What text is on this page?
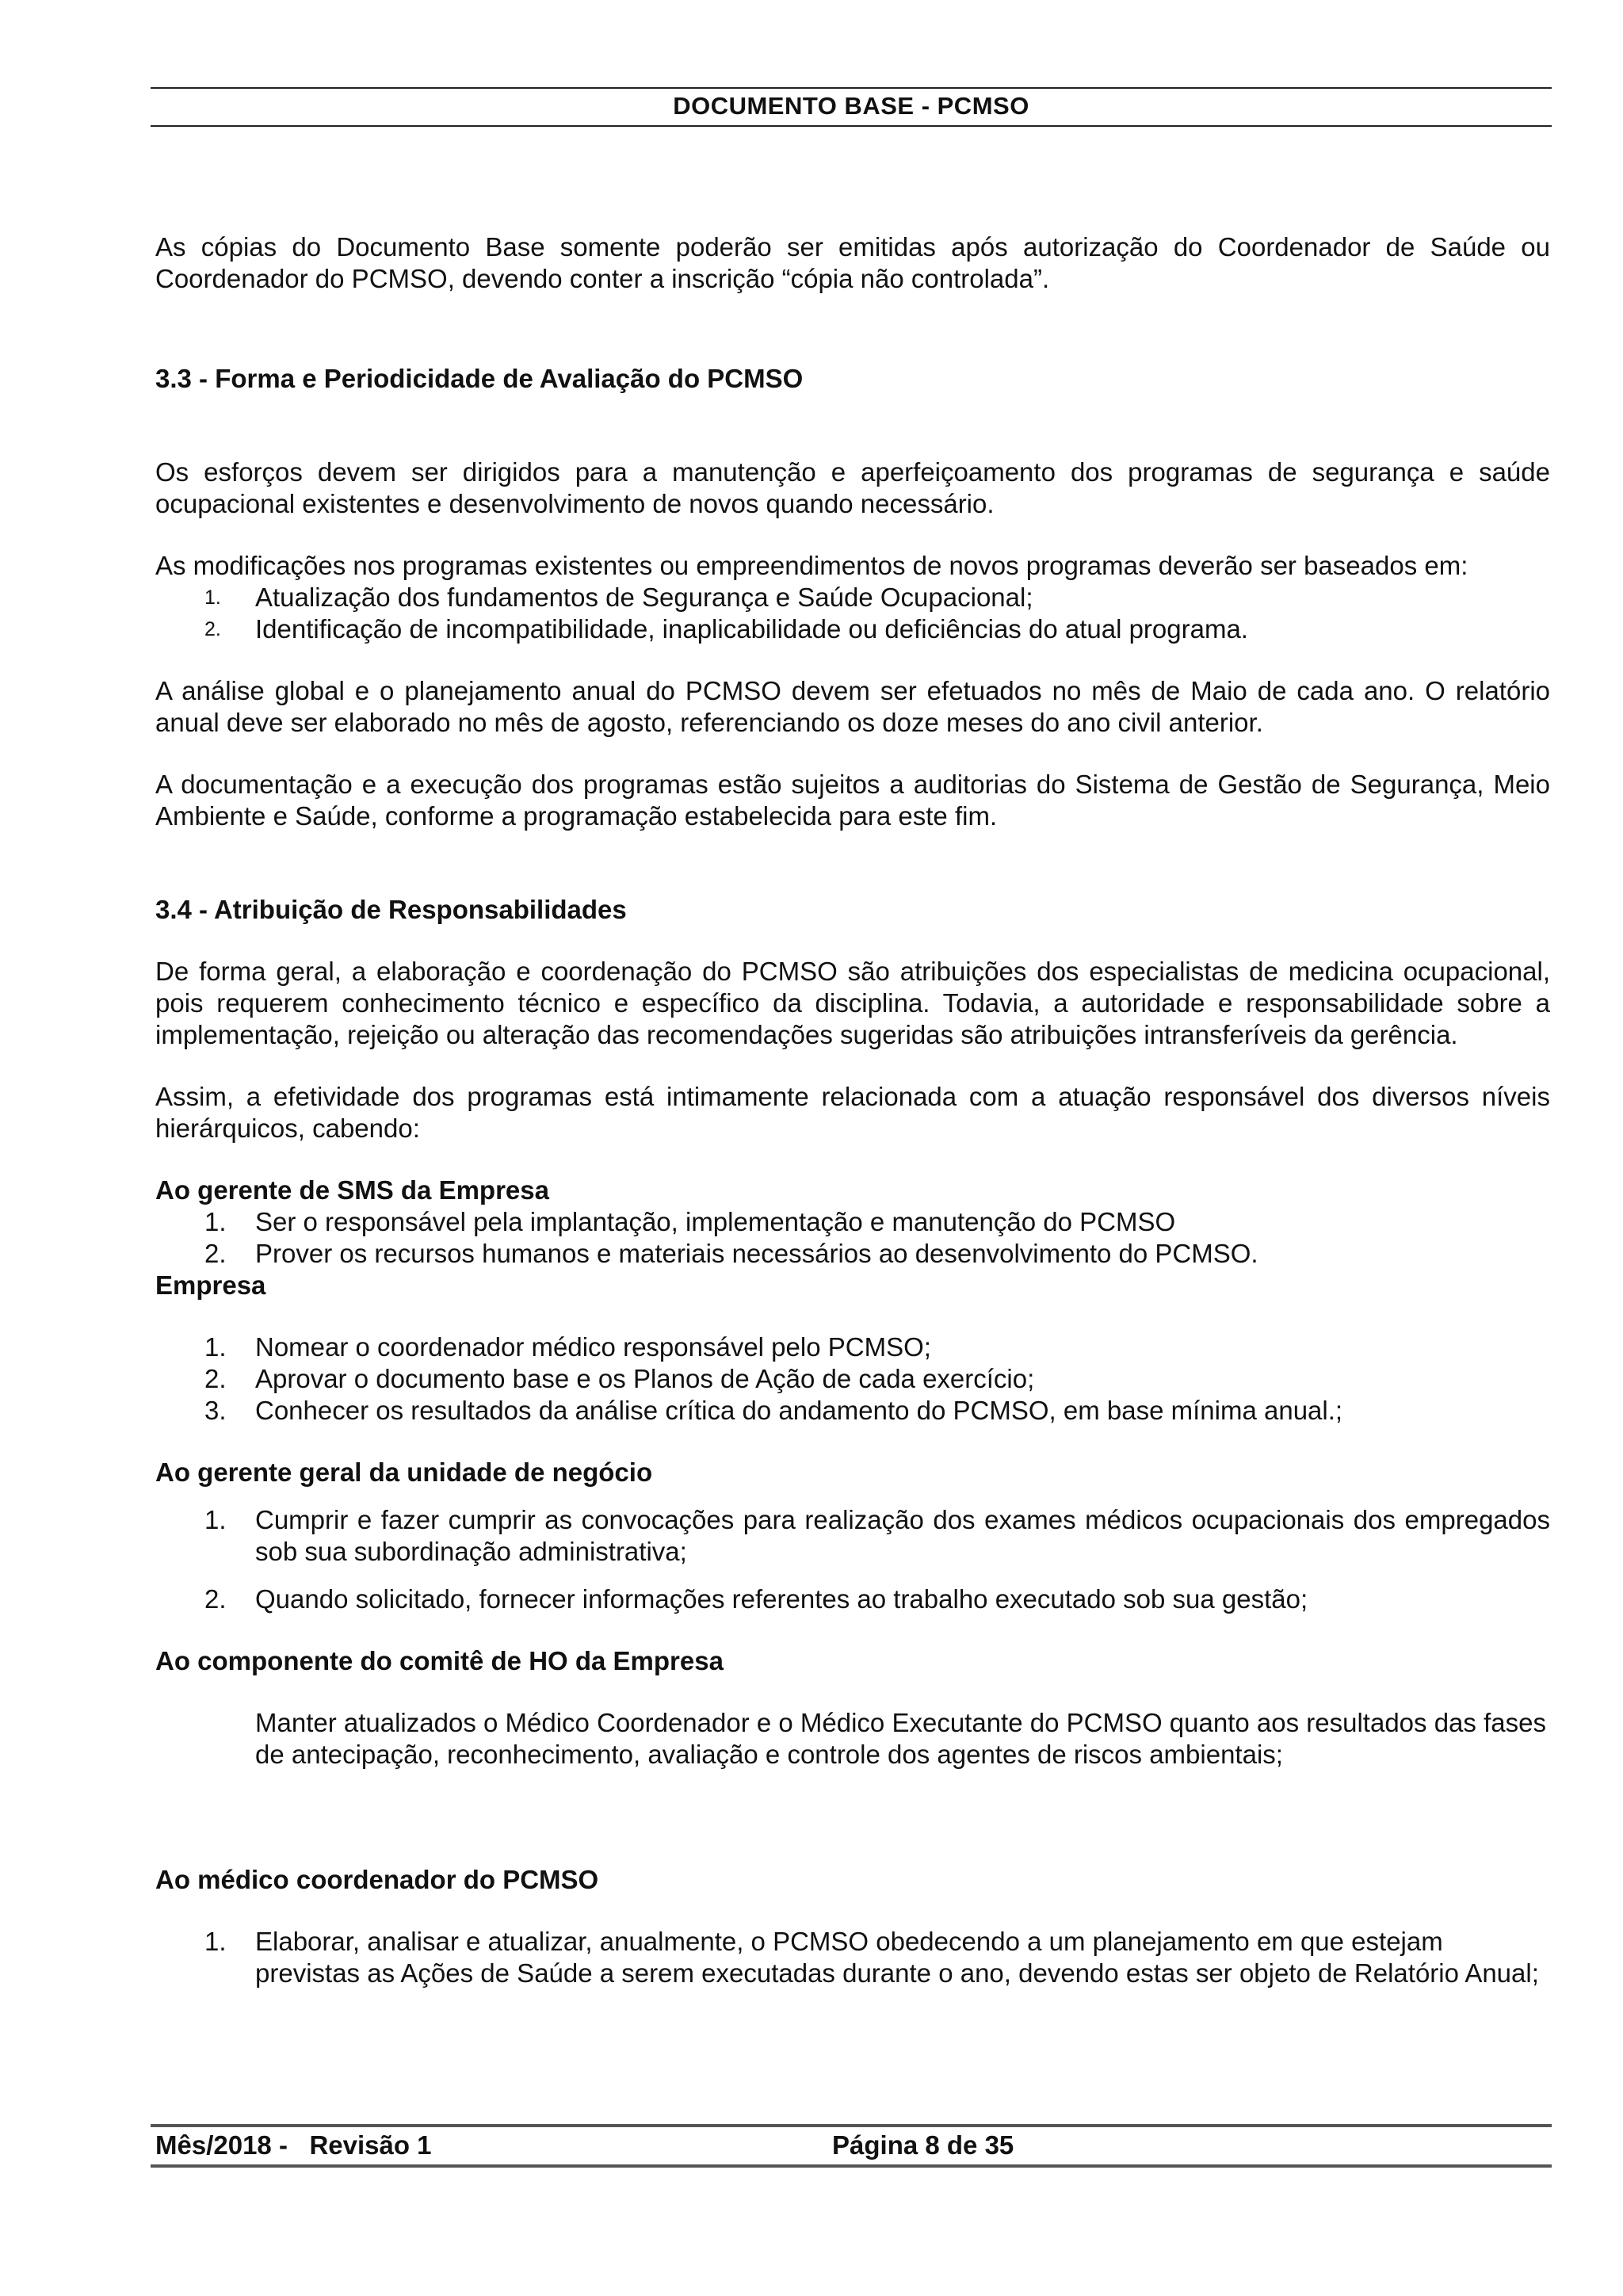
DOCUMENTO BASE - PCMSO

As cópias do Documento Base somente poderão ser emitidas após autorização do Coordenador de Saúde ou Coordenador do PCMSO, devendo conter a inscrição “cópia não controlada”.

3.3 - Forma e Periodicidade de Avaliação do PCMSO

Os esforços devem ser dirigidos para a manutenção e aperfeiçoamento dos programas de segurança e saúde ocupacional existentes e desenvolvimento de novos quando necessário.

As modificações nos programas existentes ou empreendimentos de novos programas deverão ser baseados em:

1.	Atualização dos fundamentos de Segurança e Saúde Ocupacional;
2.	Identificação de incompatibilidade, inaplicabilidade ou deficiências do atual programa.

A análise global e o planejamento anual do PCMSO devem ser efetuados no mês de Maio de cada ano. O relatório anual deve ser elaborado no mês de agosto, referenciando os doze meses do ano civil anterior.

A documentação e a execução dos programas estão sujeitos a auditorias do Sistema de Gestão de Segurança, Meio Ambiente e Saúde, conforme a programação estabelecida para este fim.

3.4 - Atribuição de Responsabilidades

De forma geral, a elaboração e coordenação do PCMSO são atribuições dos especialistas de medicina ocupacional, pois requerem conhecimento técnico e específico da disciplina. Todavia, a autoridade e responsabilidade sobre a implementação, rejeição ou alteração das recomendações sugeridas são atribuições intransferíveis da gerência.

Assim, a efetividade dos programas está intimamente relacionada com a atuação responsável dos diversos níveis hierárquicos, cabendo:

Ao gerente de SMS da Empresa

1.	Ser o responsável pela implantação, implementação e manutenção do PCMSO
2.	Prover os recursos humanos e materiais necessários ao desenvolvimento do PCMSO.

Empresa

1.	Nomear o coordenador médico responsável pelo PCMSO;
2.	Aprovar o documento base e os Planos de Ação de cada exercício;
3.	Conhecer os resultados da análise crítica do andamento do PCMSO, em base mínima anual.;

Ao gerente geral da unidade de negócio

1.	Cumprir e fazer cumprir as convocações para realização dos exames médicos ocupacionais dos empregados sob sua subordinação administrativa;
2.	Quando solicitado, fornecer informações referentes ao trabalho executado sob sua gestão;

Ao componente do comitê de HO da Empresa

Manter atualizados o Médico Coordenador e o Médico Executante do PCMSO quanto aos resultados das fases de antecipação, reconhecimento, avaliação e controle dos agentes de riscos ambientais;

Ao médico coordenador do PCMSO

1.	Elaborar, analisar e atualizar, anualmente, o PCMSO obedecendo a um planejamento em que estejam previstas as Ações de Saúde a serem executadas durante o ano, devendo estas ser objeto de Relatório Anual;
Mês/2018 -   Revisão 1	Página 8 de 35
